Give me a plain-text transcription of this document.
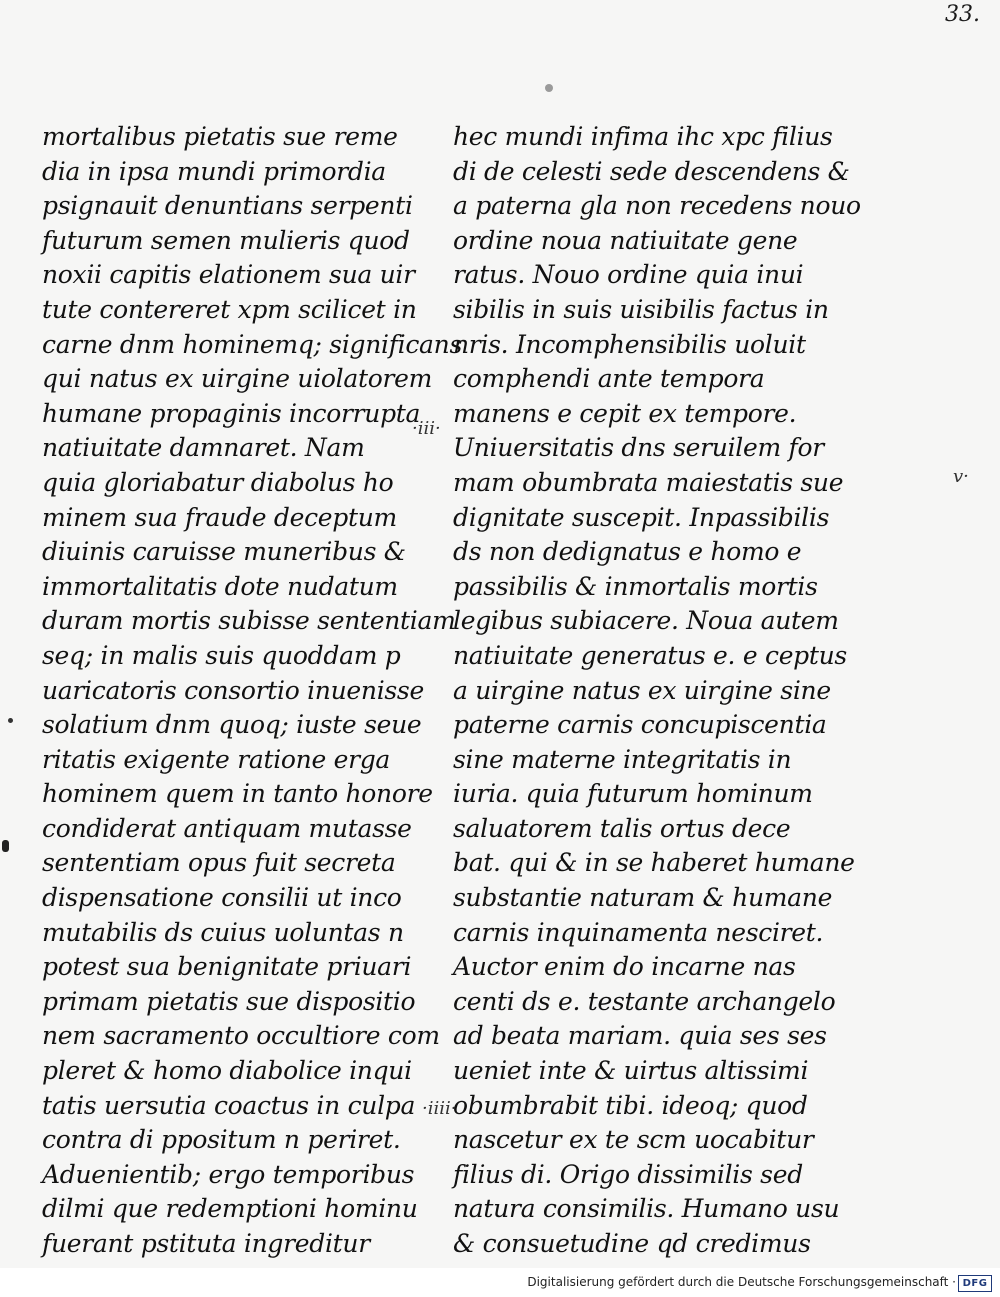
33.
mortalibus pietatis sue reme
dia in ipsa mundi primordia
psignauit denuntians serpenti
futurum semen mulieris quod
noxii capitis elationem sua uir
tute contereret xpm scilicet in
carne dnm hominemq; significans
qui natus ex uirgine uiolatorem
humane propaginis incorrupta
natiuitate damnaret. Nam
quia gloriabatur diabolus ho
minem sua fraude deceptum
diuinis caruisse muneribus &
immortalitatis dote nudatum
duram mortis subisse sententiam
seq; in malis suis quoddam p
uaricatoris consortio inuenisse
solatium dnm quoq; iuste seue
ritatis exigente ratione erga
hominem quem in tanto honore
condiderat antiquam mutasse
sententiam opus fuit secreta
dispensatione consilii ut inco
mutabilis ds cuius uoluntas n
potest sua benignitate priuari
primam pietatis sue dispositio
nem sacramento occultiore com
pleret & homo diabolice inqui
tatis uersutia coactus in culpa
contra di ppositum n periret.
Aduenientib; ergo temporibus
dilmi que redemptioni hominu
fuerant pstituta ingreditur
hec mundi infima ihc xpc filius
di de celesti sede descendens &
a paterna gla non recedens nouo
ordine noua natiuitate gene
ratus. Nouo ordine quia inui
sibilis in suis uisibilis factus in
nris. Incomphensibilis uoluit
comphendi ante tempora
manens e cepit ex tempore.
Uniuersitatis dns seruilem for
mam obumbrata maiestatis sue
dignitate suscepit. Inpassibilis
ds non dedignatus e homo e
passibilis & inmortalis mortis
legibus subiacere. Noua autem
natiuitate generatus e. e ceptus
a uirgine natus ex uirgine sine
paterne carnis concupiscentia
sine materne integritatis in
iuria. quia futurum hominum
saluatorem talis ortus dece
bat. qui & in se haberet humane
substantie naturam & humane
carnis inquinamenta nesciret.
Auctor enim do incarne nas
centi ds e. testante archangelo
ad beata mariam. quia ses ses
ueniet inte & uirtus altissimi
obumbrabit tibi. ideoq; quod
nascetur ex te scm uocabitur
filius di. Origo dissimilis sed
natura consimilis. Humano usu
& consuetudine qd credimus
·iii·
·iiii·
v·
Digitalisierung gefördert durch die Deutsche Forschungsgemeinschaft · DFG
